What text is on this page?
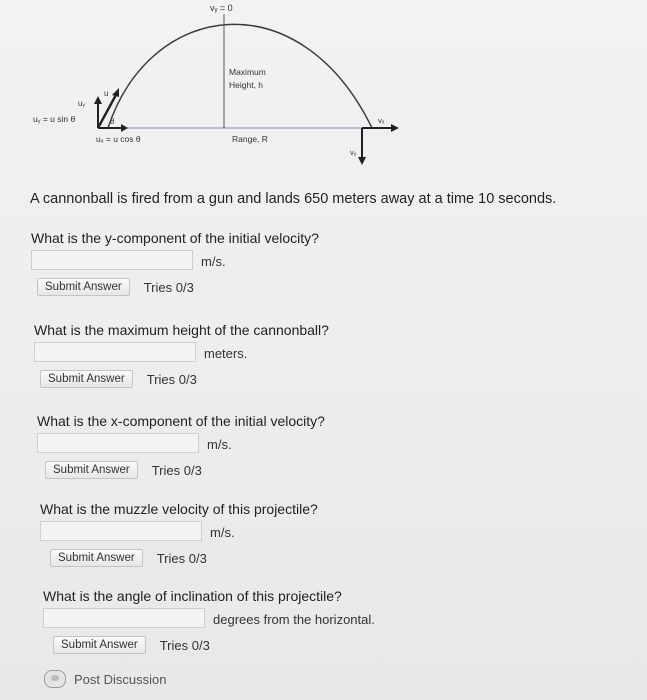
vᵧ = 0
Maximum
Height, h
Range, R
uᵧ
u
uᵧ = u sin θ	θ
uₓ = u cos θ
vₓ
vᵧ
A cannonball is fired from a gun and lands 650 meters away at a time 10 seconds.
What is the y-component of the initial velocity?
m/s.
Submit Answer	Tries 0/3
What is the maximum height of the cannonball?
meters.
Submit Answer	Tries 0/3
What is the x-component of the initial velocity?
m/s.
Submit Answer	Tries 0/3
What is the muzzle velocity of this projectile?
m/s.
Submit Answer	Tries 0/3
What is the angle of inclination of this projectile?
degrees from the horizontal.
Submit Answer	Tries 0/3
Post Discussion
